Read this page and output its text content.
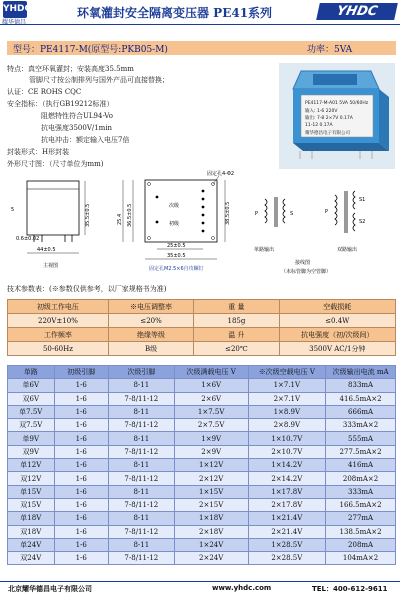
YHDC
耀华德昌
环氧灌封安全隔离变压器 PE41系列	YHDC
型号：PE4117-M(原型号:PKB05-M)	功率：5VA
特点：真空环氧灌封；安装高度35.5mm
管脚尺寸按公制排列与国外产品可直接替换；
认证：CE ROHS CQC
安全指标：（执行GB19212标准）
阻燃特性符合UL94-Vo
抗电强度3500V/1min
抗电冲击：额定输入电压7倍
封装形式：H形封装
外形尺寸图：（尺寸单位为mm)
PE4117-M-A01 5VA 50/60Hz
输入: 1-6 220V
输出: 7-8 2×7V 0.17A
11-12 0.17A
耀华德昌电子有限公司
44±0.5
35.5±0.5
0.6±0.02
主视图
5
次级
初级
25±0.5
35±0.5
25.4 36.5±0.5	38.5±0.5
固定孔4-Φ2
固定孔M2.5×6自攻螺钉
P	S	P
S1
S2
单路输出	双路输出
接线图
（未标管脚为空管脚）
技术参数表：(※参数仅供参考，以厂家规格书为准)
初级工作电压	※电压调整率	重 量	空载损耗
220V±10%	≤20%	185g	≤0.4W
工作频率	绝缘等级	温 升	抗电强度（初/次级间）
50-60Hz	B级	≤20℃	3500V AC/1分钟
单路	初级引脚	次级引脚	次级满载电压 V	※次级空载电压 V	次级输出电流 mA
单6V	1-6	8-11	1×6V	1×7.1V	833mA
双6V	1-6	7-8/11-12	2×6V	2×7.1V	416.5mA×2
单7.5V	1-6	8-11	1×7.5V	1×8.9V	666mA
双7.5V	1-6	7-8/11-12	2×7.5V	2×8.9V	333mA×2
单9V	1-6	8-11	1×9V	1×10.7V	555mA
双9V	1-6	7-8/11-12	2×9V	2×10.7V	277.5mA×2
单12V	1-6	8-11	1×12V	1×14.2V	416mA
双12V	1-6	7-8/11-12	2×12V	2×14.2V	208mA×2
单15V	1-6	8-11	1×15V	1×17.8V	333mA
双15V	1-6	7-8/11-12	2×15V	2×17.8V	166.5mA×2
单18V	1-6	8-11	1×18V	1×21.4V	277mA
双18V	1-6	7-8/11-12	2×18V	2×21.4V	138.5mA×2
单24V	1-6	8-11	1×24V	1×28.5V	208mA
双24V	1-6	7-8/11-12	2×24V	2×28.5V	104mA×2
北京耀华德昌电子有限公司	www.yhdc.com	TEL：400-612-9611
